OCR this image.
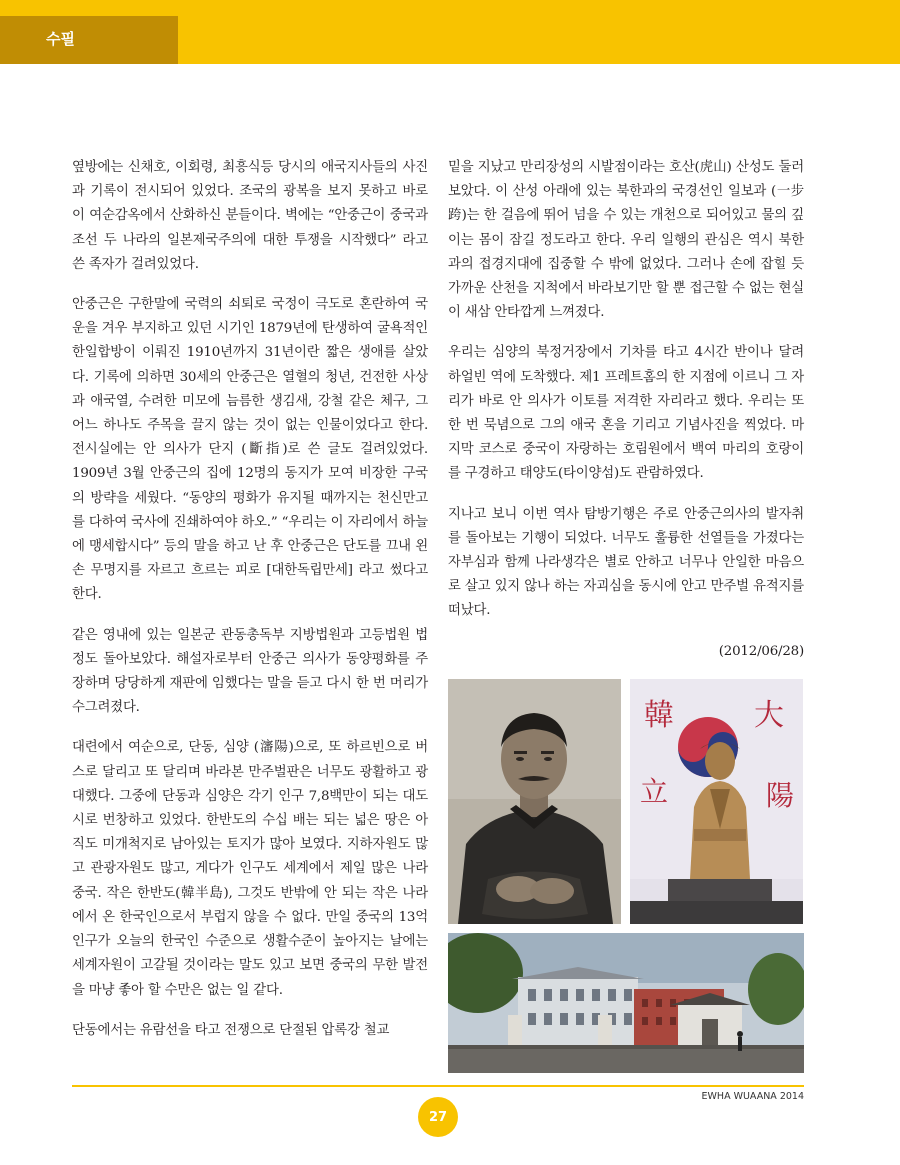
수필

옆방에는 신채호, 이회령, 최흥식등 당시의 애국지사들의 사진과 기록이 전시되어 있었다. 조국의 광복을 보지 못하고 바로 이 여순감옥에서 산화하신 분들이다. 벽에는 “안중근이 중국과 조선 두 나라의 일본제국주의에 대한 투쟁을 시작했다” 라고 쓴 족자가 걸려있었다.

안중근은 구한말에 국력의 쇠퇴로 국정이 극도로 혼란하여 국운을 겨우 부지하고 있던 시기인 1879년에 탄생하여 굴욕적인 한일합방이 이뤄진 1910년까지 31년이란 짧은 생애를 살았다. 기록에 의하면 30세의 안중근은 열혈의 청년, 건전한 사상과 애국열, 수려한 미모에 늠름한 생김새, 강철 같은 체구, 그 어느 하나도 주목을 끌지 않는 것이 없는 인물이었다고 한다. 전시실에는 안 의사가 단지 (斷指)로 쓴 글도 걸려있었다. 1909년 3월 안중근의 집에 12명의 동지가 모여 비장한 구국의 방략을 세웠다. “동양의 평화가 유지될 때까지는 천신만고를 다하여 국사에 진쇄하여야 하오.” “우리는 이 자리에서 하늘에 맹세합시다” 등의 말을 하고 난 후 안중근은 단도를 끄내 왼손 무명지를 자르고 흐르는 피로 [대한독립만세] 라고 썼다고 한다.

같은 영내에 있는 일본군 관동총독부 지방법원과 고등법원 법정도 돌아보았다. 해설자로부터 안중근 의사가 동양평화를 주장하며 당당하게 재판에 임했다는 말을 듣고 다시 한 번 머리가 수그려졌다.

대련에서 여순으로, 단동, 심양 (瀋陽)으로, 또 하르빈으로 버스로 달리고 또 달리며 바라본 만주벌판은 너무도 광활하고 광대했다. 그중에 단동과 심양은 각기 인구 7,8백만이 되는 대도시로 번창하고 있었다. 한반도의 수십 배는 되는 넓은 땅은 아직도 미개척지로 남아있는 토지가 많아 보였다. 지하자원도 많고 관광자원도 많고, 게다가 인구도 세계에서 제일 많은 나라 중국. 작은 한반도(韓半島), 그것도 반밖에 안 되는 작은 나라에서 온 한국인으로서 부럽지 않을 수 없다. 만일 중국의 13억 인구가 오늘의 한국인 수준으로 생활수준이 높아지는 날에는 세계자원이 고갈될 것이라는 말도 있고 보면 중국의 무한 발전을 마냥 좋아 할 수만은 없는 일 같다.

단동에서는 유람선을 타고 전쟁으로 단절된 압록강 철교

밑을 지났고 만리장성의 시발점이라는 호산(虎山) 산성도 둘러보았다. 이 산성 아래에 있는 북한과의 국경선인 일보과 (一步跨)는 한 걸음에 뛰어 넘을 수 있는 개천으로 되어있고 물의 깊이는 몸이 잠길 정도라고 한다. 우리 일행의 관심은 역시 북한과의 접경지대에 집중할 수 밖에 없었다. 그러나 손에 잡힐 듯 가까운 산천을 지척에서 바라보기만 할 뿐 접근할 수 없는 현실이 새삼 안타깝게 느껴졌다.

우리는 심양의 북정거장에서 기차를 타고 4시간 반이나 달려 하얼빈 역에 도착했다. 제1 프레트홈의 한 지점에 이르니 그 자리가 바로 안 의사가 이토를 저격한 자리라고 했다. 우리는 또 한 번 묵념으로 그의 애국 혼을 기리고 기념사진을 찍었다. 마지막 코스로 중국이 자랑하는 호림원에서 백여 마리의 호랑이를 구경하고 태양도(타이양섬)도 관람하였다.

지나고 보니 이번 역사 탐방기행은 주로 안중근의사의 발자취를 돌아보는 기행이 되었다. 너무도 훌륭한 선열들을 가졌다는 자부심과 함께 나라생각은 별로 안하고 너무나 안일한 마음으로 살고 있지 않나 하는 자괴심을 동시에 안고 만주벌 유적지를 떠났다.

(2012/06/28)

韓	大
立	陽
EWHA WUAANA 2014
27
